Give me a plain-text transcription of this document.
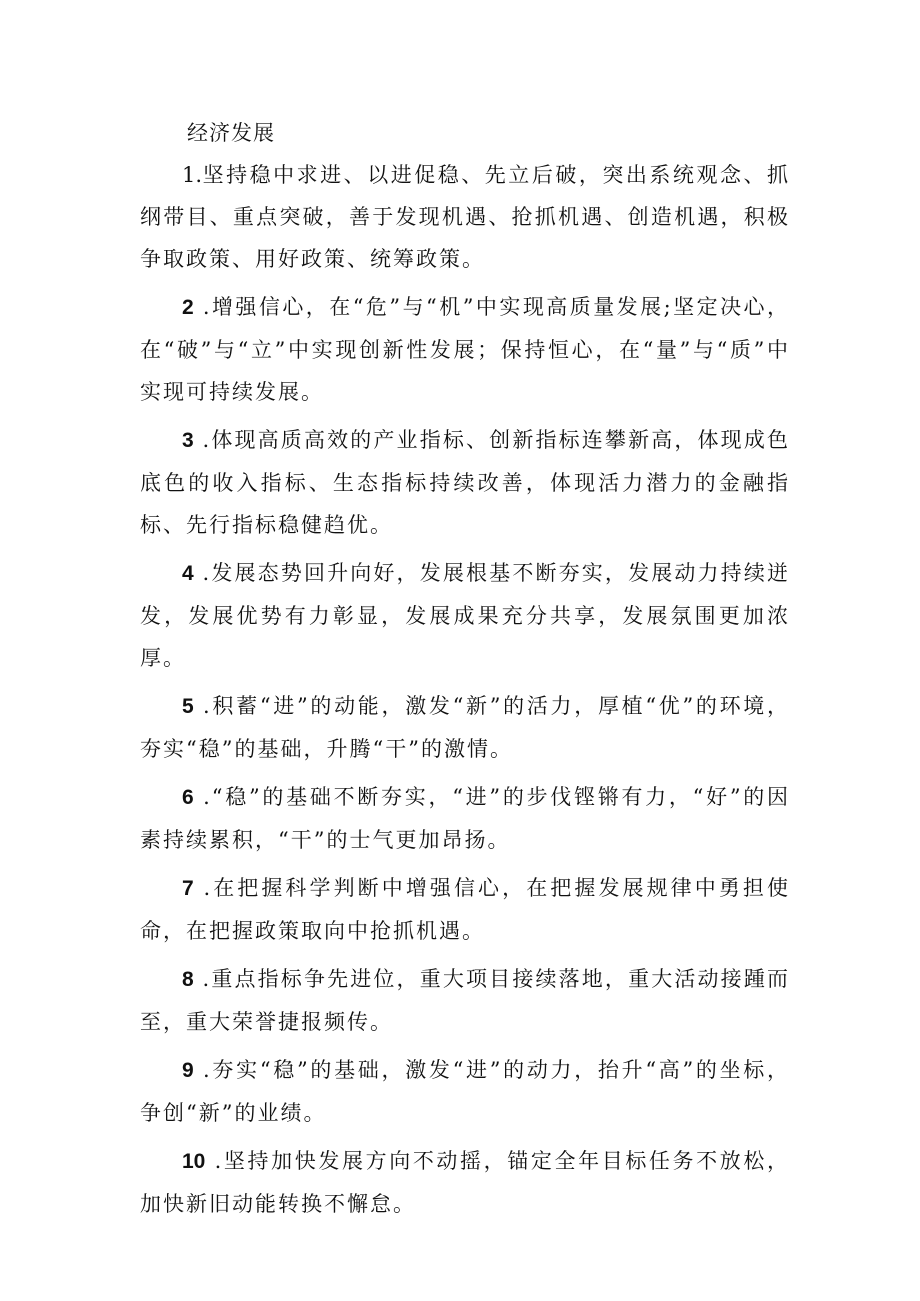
经济发展

1.坚持稳中求进、以进促稳、先立后破，突出系统观念、抓纲带目、重点突破，善于发现机遇、抢抓机遇、创造机遇，积极争取政策、用好政策、统筹政策。

2 .增强信心，在“危”与“机”中实现高质量发展;坚定决心，在“破”与“立”中实现创新性发展；保持恒心，在“量”与“质”中实现可持续发展。

3 .体现高质高效的产业指标、创新指标连攀新高，体现成色底色的收入指标、生态指标持续改善，体现活力潜力的金融指标、先行指标稳健趋优。

4 .发展态势回升向好，发展根基不断夯实，发展动力持续迸发，发展优势有力彰显，发展成果充分共享，发展氛围更加浓厚。

5 .积蓄“进”的动能，激发“新”的活力，厚植“优”的环境，夯实“稳”的基础，升腾“干”的激情。

6 .“稳”的基础不断夯实，“进”的步伐铿锵有力，“好”的因素持续累积，“干”的士气更加昂扬。

7 .在把握科学判断中增强信心，在把握发展规律中勇担使命，在把握政策取向中抢抓机遇。

8 .重点指标争先进位，重大项目接续落地，重大活动接踵而至，重大荣誉捷报频传。

9 .夯实“稳”的基础，激发“进”的动力，抬升“高”的坐标，争创“新”的业绩。

10 .坚持加快发展方向不动摇，锚定全年目标任务不放松，加快新旧动能转换不懈怠。
